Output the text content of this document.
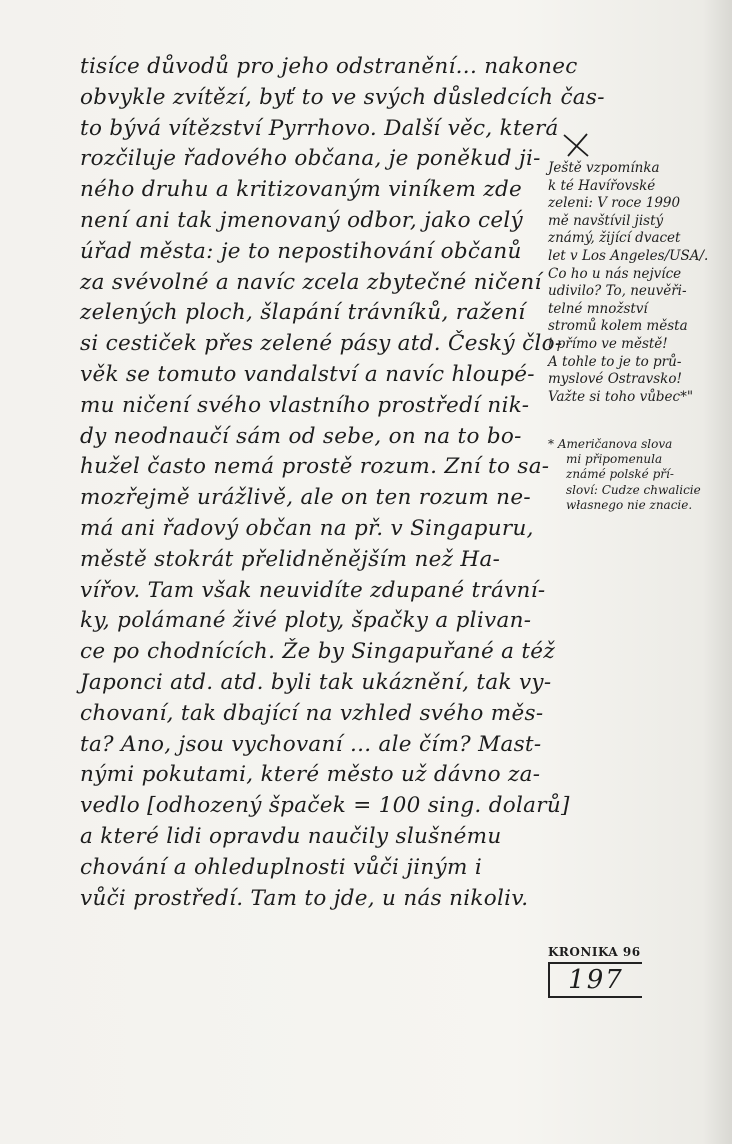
tisíce důvodů pro jeho odstranění... nakonec
obvykle zvítězí, byť to ve svých důsledcích čas-
to bývá vítězství Pyrrhovo. Další věc, která
rozčiluje řadového občana, je poněkud ji-
ného druhu a kritizovaným viníkem zde
není ani tak jmenovaný odbor, jako celý
úřad města: je to nepostihování občanů
za svévolné a navíc zcela zbytečné ničení
zelených ploch, šlapání trávníků, ražení
si cestiček přes zelené pásy atd. Český člo-
věk se tomuto vandalství a navíc hloupé-
mu ničení svého vlastního prostředí nik-
dy neodnaučí sám od sebe, on na to bo-
hužel často nemá prostě rozum. Zní to sa-
mozřejmě urážlivě, ale on ten rozum ne-
má ani řadový občan na př. v Singapuru,
městě stokrát přelidněnějším než Ha-
vířov. Tam však neuvidíte zdupané trávní-
ky, polámané živé ploty, špačky a plivan-
ce po chodnících. Že by Singapuřané a též
Japonci atd. atd. byli tak ukáznění, tak vy-
chovaní, tak dbající na vzhled svého měs-
ta? Ano, jsou vychovaní ... ale čím? Mast-
nými pokutami, které město už dávno za-
vedlo [odhozený špaček = 100 sing. dolarů]
a které lidi opravdu naučily slušnému
chování a ohleduplnosti vůči jiným i
vůči prostředí. Tam to jde, u nás nikoliv.
Ještě vzpomínka
k té Havířovské
zeleni: V roce 1990
mě navštívil jistý
známý, žijící dvacet
let v Los Angeles/USA/.
Co ho u nás nejvíce
udivilo? To, neuvěři-
telné množství
stromů kolem města
i přímo ve městě!
A tohle to je to prů-
myslové Ostravsko!
Važte si toho vůbec*"
* Američanova slova
mi připomenula
známé polské pří-
sloví: Cudze chwalicie
własnego nie znacie.
KRONIKA 96
197
